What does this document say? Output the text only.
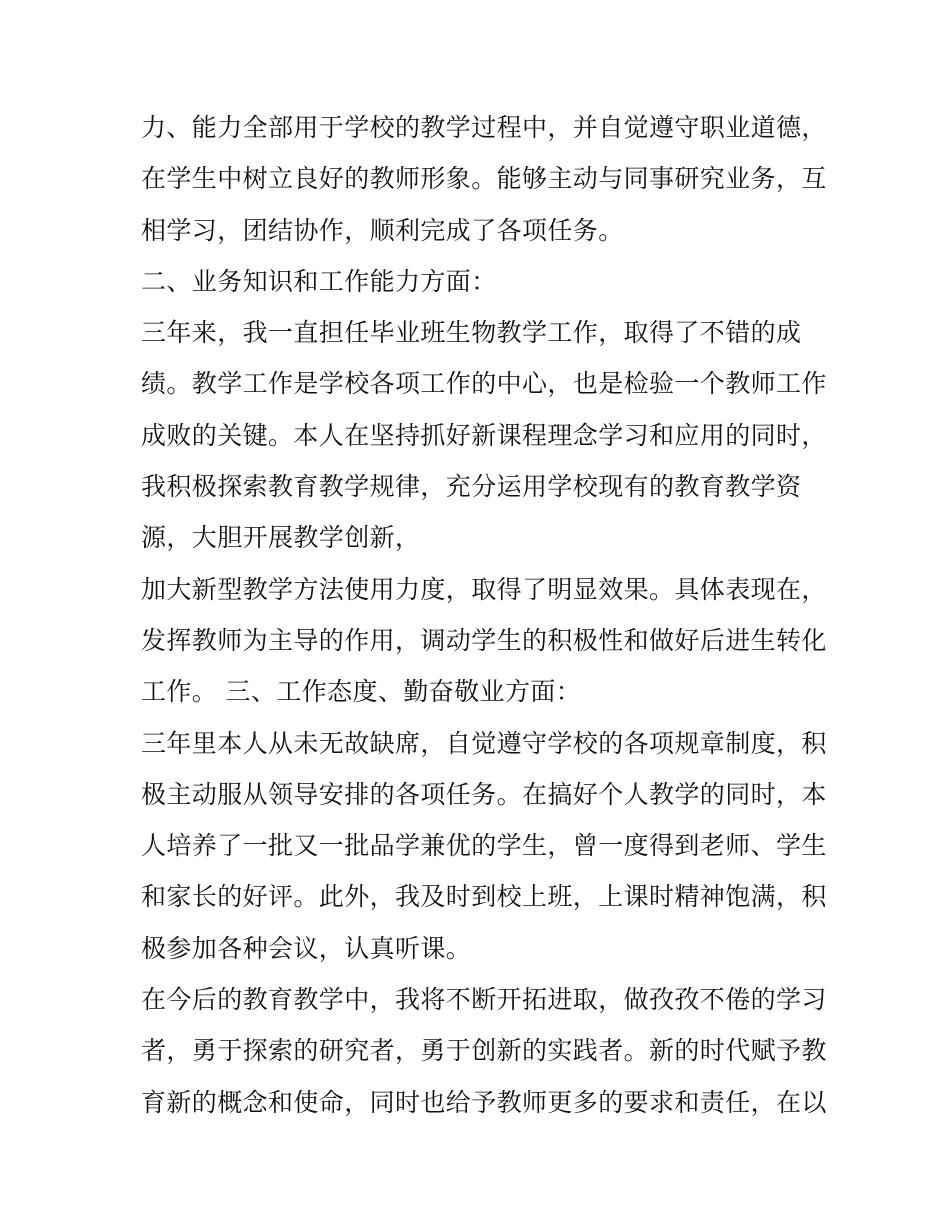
力、能力全部用于学校的教学过程中，并自觉遵守职业道德，
在学生中树立良好的教师形象。能够主动与同事研究业务，互
相学习，团结协作，顺利完成了各项任务。
二、业务知识和工作能力方面：
三年来，我一直担任毕业班生物教学工作，取得了不错的成
绩。教学工作是学校各项工作的中心，也是检验一个教师工作
成败的关键。本人在坚持抓好新课程理念学习和应用的同时，
我积极探索教育教学规律，充分运用学校现有的教育教学资
源，大胆开展教学创新，
加大新型教学方法使用力度，取得了明显效果。具体表现在，
发挥教师为主导的作用，调动学生的积极性和做好后进生转化
工作。 三、工作态度、勤奋敬业方面：
三年里本人从未无故缺席，自觉遵守学校的各项规章制度，积
极主动服从领导安排的各项任务。在搞好个人教学的同时，本
人培养了一批又一批品学兼优的学生，曾一度得到老师、学生
和家长的好评。此外，我及时到校上班，上课时精神饱满，积
极参加各种会议，认真听课。
在今后的教育教学中，我将不断开拓进取，做孜孜不倦的学习
者，勇于探索的研究者，勇于创新的实践者。新的时代赋予教
育新的概念和使命，同时也给予教师更多的要求和责任，在以
